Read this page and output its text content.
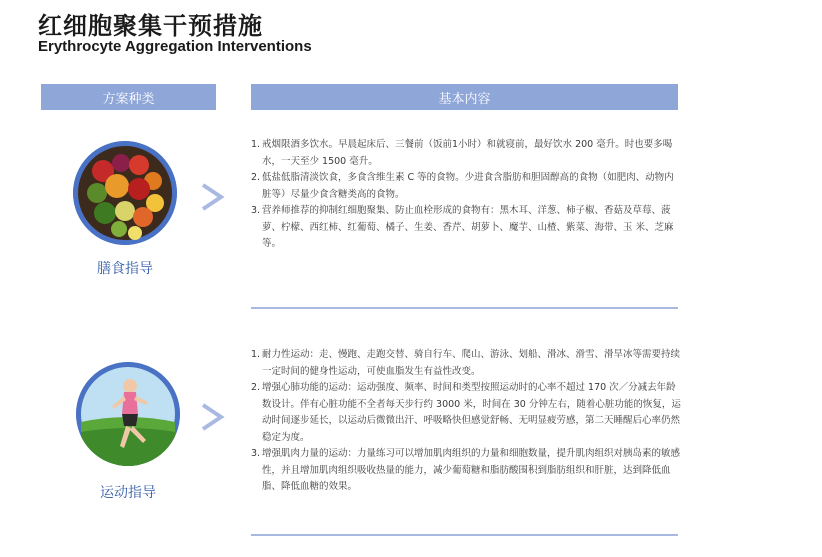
红细胞聚集干预措施
Erythrocyte Aggregation Interventions
方案种类	基本内容
膳食指导

1. 戒烟限酒多饮水。早晨起床后、三餐前（饭前1小时）和就寝前，最好饮水 200 毫升。时也要多喝水，一天至少 1500 毫升。

2. 低盐低脂清淡饮食，多食含维生素 C 等的食物。少进食含脂肪和胆固醇高的食物（如肥肉、动物内脏等）尽量少食含糖类高的食物。

3. 营养师推荐的抑制红细胞聚集、防止血栓形成的食物有：黑木耳、洋葱、柿子椒、香菇及草莓、菠萝、柠檬、西红柿、红葡萄、橘子、生姜、香芹、胡萝卜、魔芋、山楂、紫菜、海带、玉 米、芝麻等。

运动指导

1. 耐力性运动：走、慢跑、走跑交替、骑自行车、爬山、游泳、划船、滑冰、滑雪、滑旱冰等需要持续一定时间的健身性运动，可使血脂发生有益性改变。

2. 增强心肺功能的运动：运动强度、频率、时间和类型按照运动时的心率不超过 170 次／分减去年龄数设计。伴有心脏功能不全者每天步行约 3000 米，时间在 30 分钟左右，随着心脏功能的恢复，运动时间逐步延长，以运动后微微出汗、呼吸略快但感觉舒畅、无明显疲劳感，第二天睡醒后心率仍然稳定为度。

3. 增强肌肉力量的运动：力量练习可以增加肌肉组织的力量和细胞数量，提升肌肉组织对胰岛素的敏感性，并且增加肌肉组织吸收热量的能力，减少葡萄糖和脂肪酸围积到脂肪组织和肝脏，达到降低血脂、降低血糖的效果。
